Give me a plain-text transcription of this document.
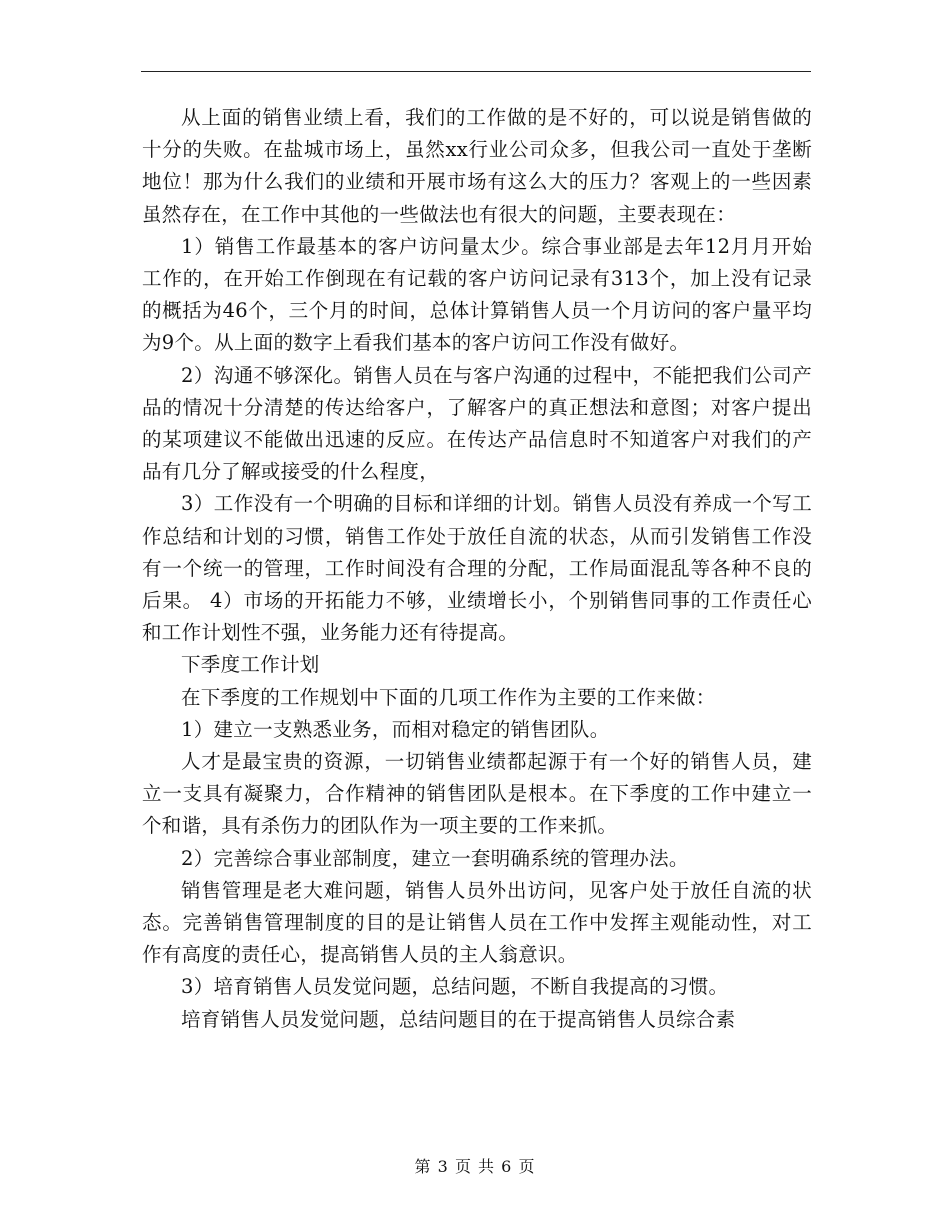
从上面的销售业绩上看，我们的工作做的是不好的，可以说是销售做的十分的失败。在盐城市场上，虽然xx行业公司众多，但我公司一直处于垄断地位！那为什么我们的业绩和开展市场有这么大的压力？客观上的一些因素虽然存在，在工作中其他的一些做法也有很大的问题，主要表现在：

1）销售工作最基本的客户访问量太少。综合事业部是去年12月月开始工作的，在开始工作倒现在有记载的客户访问记录有313个，加上没有记录的概括为46个，三个月的时间，总体计算销售人员一个月访问的客户量平均为9个。从上面的数字上看我们基本的客户访问工作没有做好。

2）沟通不够深化。销售人员在与客户沟通的过程中，不能把我们公司产品的情况十分清楚的传达给客户，了解客户的真正想法和意图；对客户提出的某项建议不能做出迅速的反应。在传达产品信息时不知道客户对我们的产品有几分了解或接受的什么程度，

3）工作没有一个明确的目标和详细的计划。销售人员没有养成一个写工作总结和计划的习惯，销售工作处于放任自流的状态，从而引发销售工作没有一个统一的管理，工作时间没有合理的分配，工作局面混乱等各种不良的后果。 4）市场的开拓能力不够，业绩增长小，个别销售同事的工作责任心和工作计划性不强，业务能力还有待提高。

下季度工作计划

在下季度的工作规划中下面的几项工作作为主要的工作来做：

1）建立一支熟悉业务，而相对稳定的销售团队。

人才是最宝贵的资源，一切销售业绩都起源于有一个好的销售人员，建立一支具有凝聚力，合作精神的销售团队是根本。在下季度的工作中建立一个和谐，具有杀伤力的团队作为一项主要的工作来抓。

2）完善综合事业部制度，建立一套明确系统的管理办法。

销售管理是老大难问题，销售人员外出访问，见客户处于放任自流的状态。完善销售管理制度的目的是让销售人员在工作中发挥主观能动性，对工作有高度的责任心，提高销售人员的主人翁意识。

3）培育销售人员发觉问题，总结问题，不断自我提高的习惯。

培育销售人员发觉问题，总结问题目的在于提高销售人员综合素

第 3 页 共 6 页
